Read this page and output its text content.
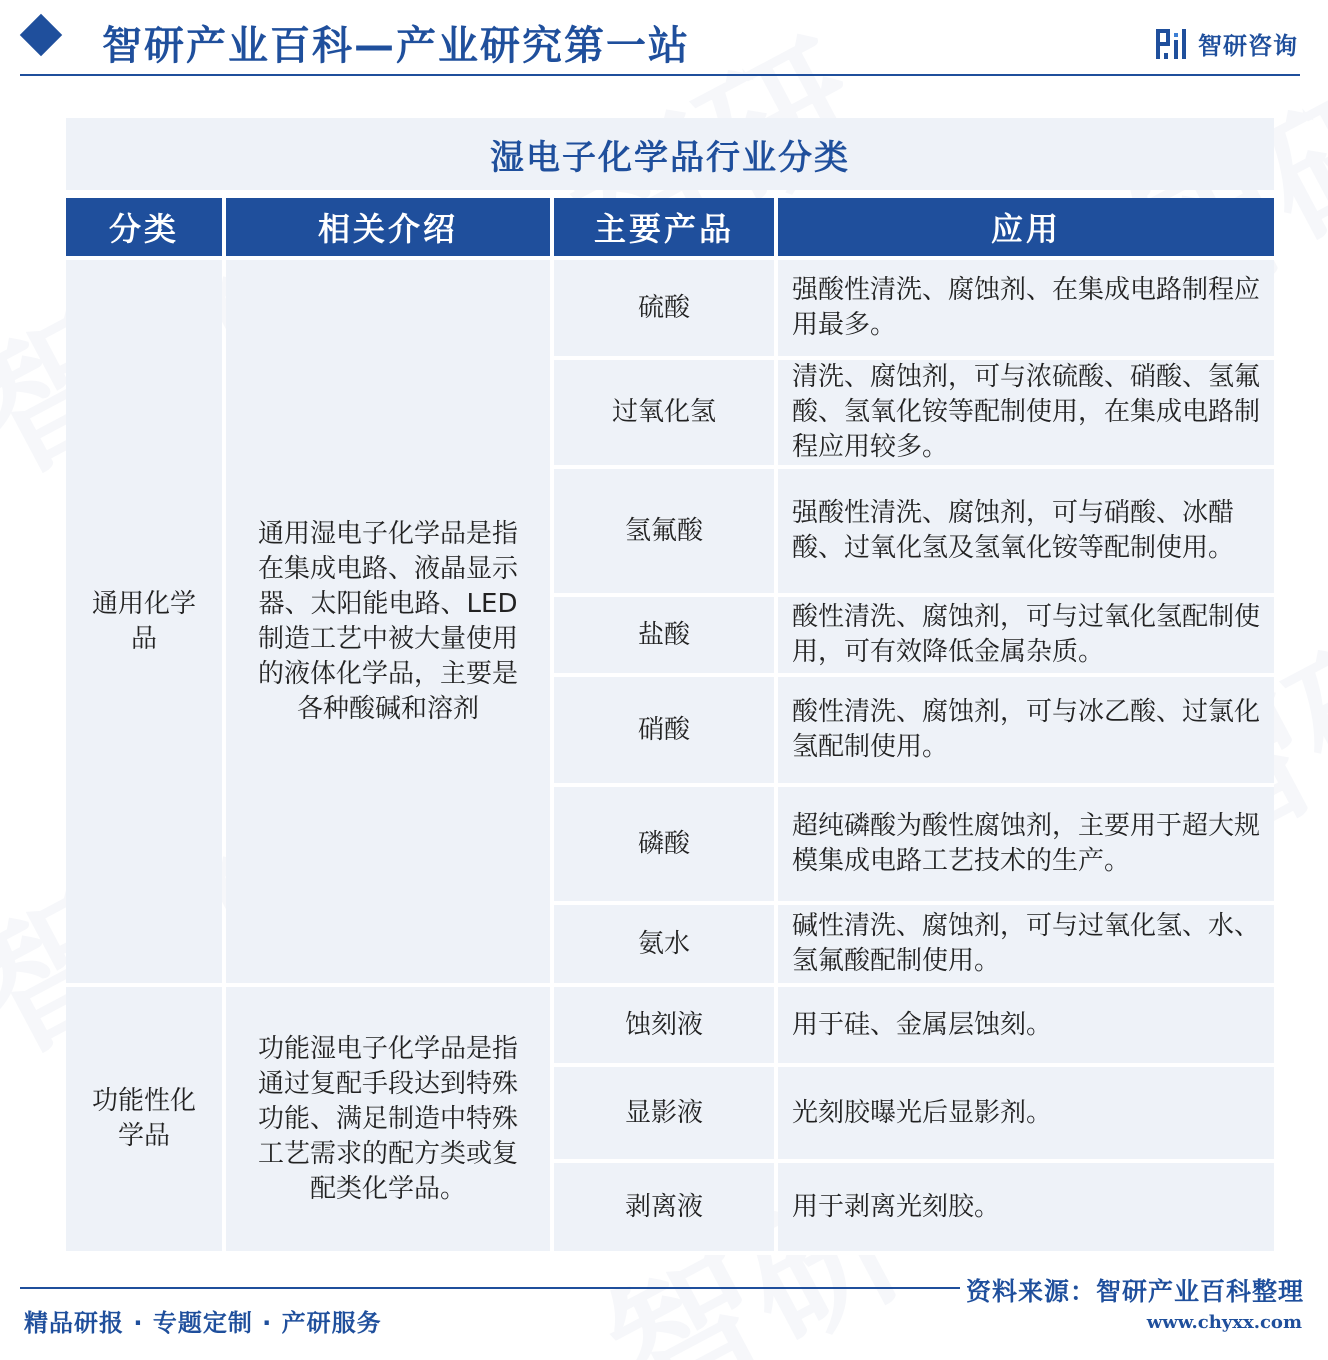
智研产业百科—产业研究第一站	智研咨询
湿电子化学品行业分类
分类	相关介绍	主要产品	应用

通用化学品	通用湿电子化学品是指在集成电路、液晶显示器、太阳能电路、LED制造工艺中被大量使用的液体化学品，主要是各种酸碱和溶剂	硫酸	强酸性清洗、腐蚀剂、在集成电路制程应用最多。
		过氧化氢	清洗、腐蚀剂，可与浓硫酸、硝酸、氢氟酸、氢氧化铵等配制使用，在集成电路制程应用较多。
		氢氟酸	强酸性清洗、腐蚀剂，可与硝酸、冰醋酸、过氧化氢及氢氧化铵等配制使用。
		盐酸	酸性清洗、腐蚀剂，可与过氧化氢配制使用，可有效降低金属杂质。
		硝酸	酸性清洗、腐蚀剂，可与冰乙酸、过氯化氢配制使用。
		磷酸	超纯磷酸为酸性腐蚀剂，主要用于超大规模集成电路工艺技术的生产。
		氨水	碱性清洗、腐蚀剂，可与过氧化氢、水、氢氟酸配制使用。
功能性化学品	功能湿电子化学品是指通过复配手段达到特殊功能、满足制造中特殊工艺需求的配方类或复配类化学品。	蚀刻液	用于硅、金属层蚀刻。
		显影液	光刻胶曝光后显影剂。
		剥离液	用于剥离光刻胶。
精品研报 · 专题定制 · 产研服务
资料来源：智研产业百科整理
www.chyxx.com
